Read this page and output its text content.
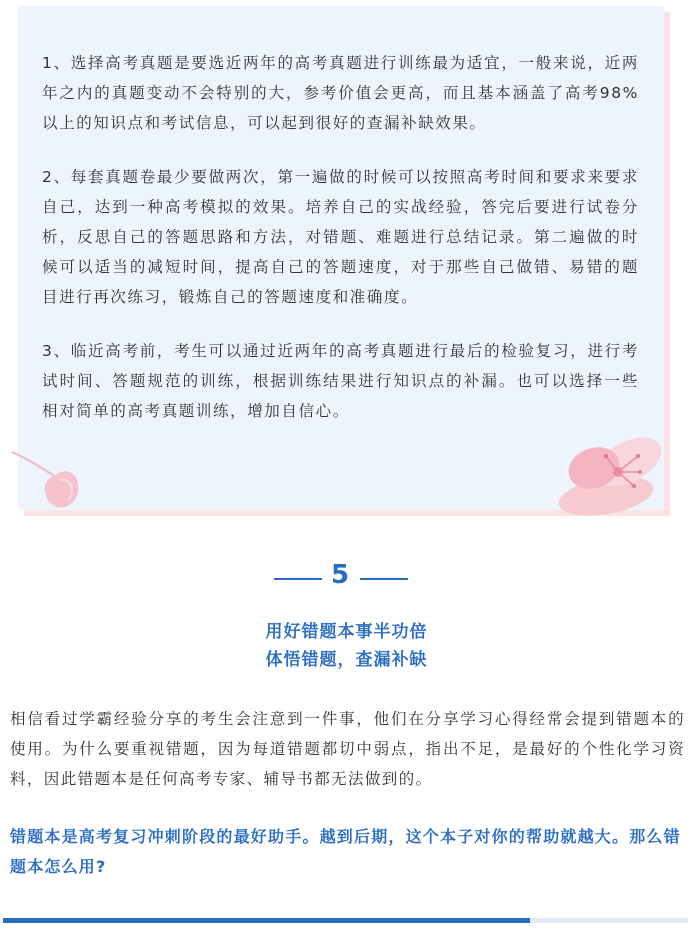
1、选择高考真题是要选近两年的高考真题进行训练最为适宜，一般来说，近两年之内的真题变动不会特别的大，参考价值会更高，而且基本涵盖了高考98%以上的知识点和考试信息，可以起到很好的查漏补缺效果。

2、每套真题卷最少要做两次，第一遍做的时候可以按照高考时间和要求来要求自己，达到一种高考模拟的效果。培养自己的实战经验，答完后要进行试卷分析，反思自己的答题思路和方法，对错题、难题进行总结记录。第二遍做的时候可以适当的减短时间，提高自己的答题速度，对于那些自己做错、易错的题目进行再次练习，锻炼自己的答题速度和准确度。

3、临近高考前，考生可以通过近两年的高考真题进行最后的检验复习，进行考试时间、答题规范的训练，根据训练结果进行知识点的补漏。也可以选择一些相对简单的高考真题训练，增加自信心。

5
用好错题本事半功倍
体悟错题，查漏补缺

相信看过学霸经验分享的考生会注意到一件事，他们在分享学习心得经常会提到错题本的使用。为什么要重视错题，因为每道错题都切中弱点，指出不足，是最好的个性化学习资料，因此错题本是任何高考专家、辅导书都无法做到的。

错题本是高考复习冲刺阶段的最好助手。越到后期，这个本子对你的帮助就越大。那么错题本怎么用?
